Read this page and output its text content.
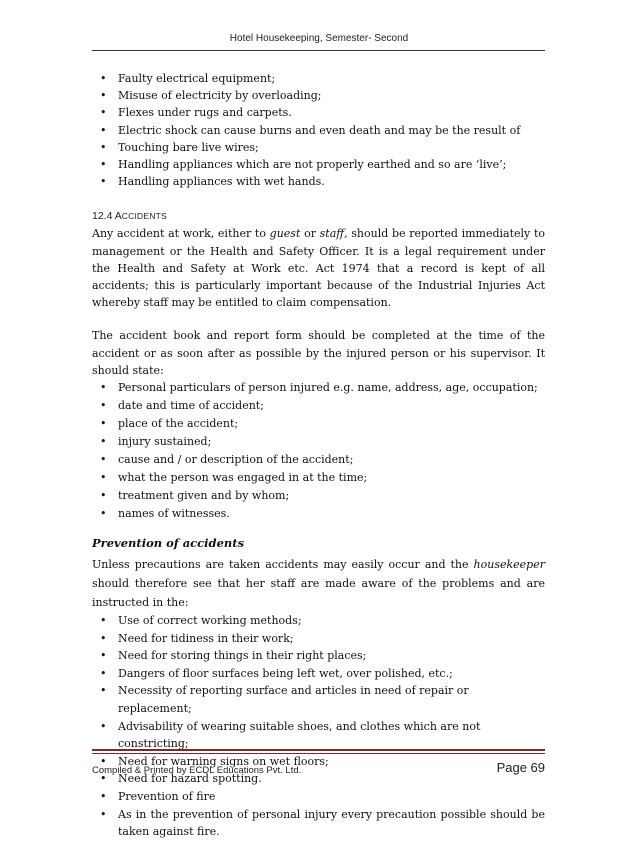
Hotel Housekeeping, Semester- Second
• Faulty electrical equipment;
• Misuse of electricity by overloading;
• Flexes under rugs and carpets.
• Electric shock can cause burns and even death and may be the result of
• Touching bare live wires;
• Handling appliances which are not properly earthed and so are ‘live’;
• Handling appliances with wet hands.
12.4 ACCIDENTS

Any accident at work, either to guest or staff, should be reported immediately to management or the Health and Safety Officer. It is a legal requirement under the Health and Safety at Work etc. Act 1974 that a record is kept of all accidents; this is particularly important because of the Industrial Injuries Act whereby staff may be entitled to claim compensation.

The accident book and report form should be completed at the time of the accident or as soon after as possible by the injured person or his supervisor. It should state:

• Personal particulars of person injured e.g. name, address, age, occupation;
• date and time of accident;
• place of the accident;
• injury sustained;
• cause and / or description of the accident;
• what the person was engaged in at the time;
• treatment given and by whom;
• names of witnesses.
Prevention of accidents

Unless precautions are taken accidents may easily occur and the housekeeper should therefore see that her staff are made aware of the problems and are instructed in the:

• Use of correct working methods;
• Need for tidiness in their work;
• Need for storing things in their right places;
• Dangers of floor surfaces being left wet, over polished, etc.;
• Necessity of reporting surface and articles in need of repair or replacement;
• Advisability of wearing suitable shoes, and clothes which are not constricting;
• Need for warning signs on wet floors;
• Need for hazard spotting.
• Prevention of fire
• As in the prevention of personal injury every precaution possible should be taken against fire.
Compiled & Printed by ECDL Educations Pvt. Ltd.	Page 69
